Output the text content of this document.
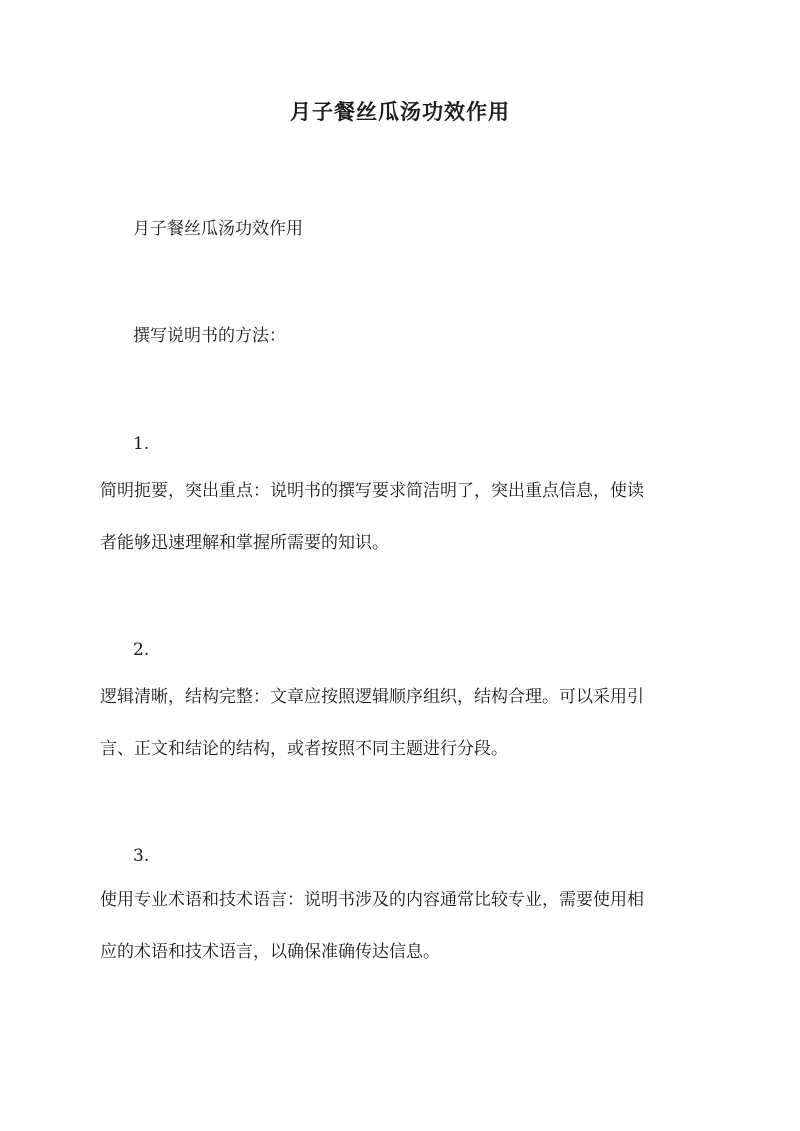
月子餐丝瓜汤功效作用

月子餐丝瓜汤功效作用

撰写说明书的方法：

1.

简明扼要，突出重点：说明书的撰写要求简洁明了，突出重点信息，使读

者能够迅速理解和掌握所需要的知识。

2.

逻辑清晰，结构完整：文章应按照逻辑顺序组织，结构合理。可以采用引

言、正文和结论的结构，或者按照不同主题进行分段。

3.

使用专业术语和技术语言：说明书涉及的内容通常比较专业，需要使用相

应的术语和技术语言，以确保准确传达信息。
